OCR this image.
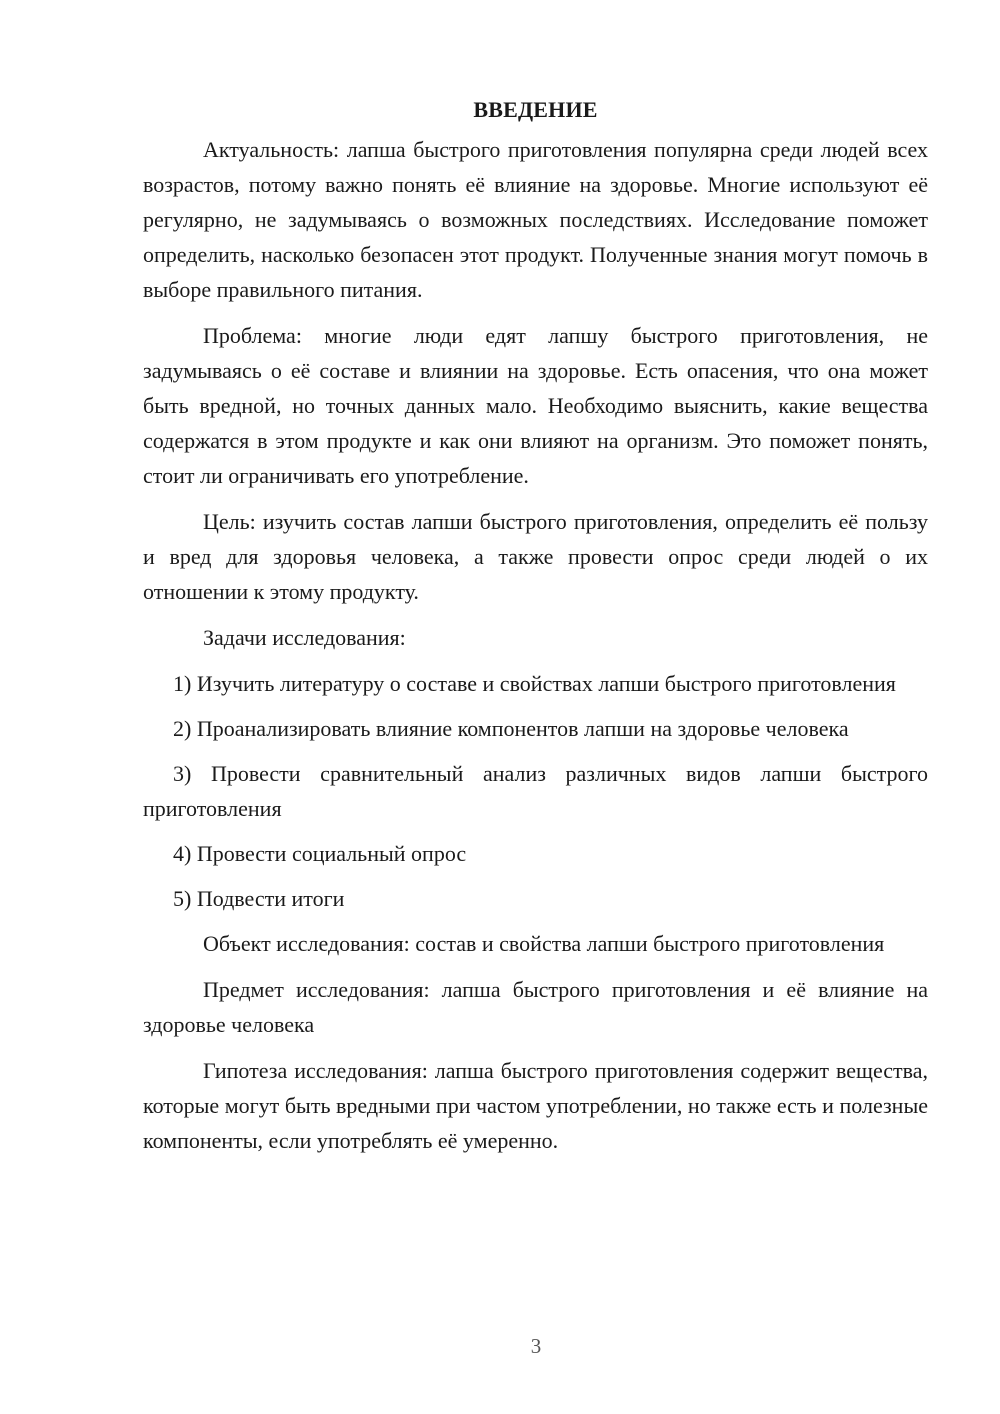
ВВЕДЕНИЕ

Актуальность: лапша быстрого приготовления популярна среди людей всех возрастов, потому важно понять её влияние на здоровье. Многие используют её регулярно, не задумываясь о возможных последствиях. Исследование поможет определить, насколько безопасен этот продукт. Полученные знания могут помочь в выборе правильного питания.

Проблема: многие люди едят лапшу быстрого приготовления, не задумываясь о её составе и влиянии на здоровье. Есть опасения, что она может быть вредной, но точных данных мало. Необходимо выяснить, какие вещества содержатся в этом продукте и как они влияют на организм. Это поможет понять, стоит ли ограничивать его употребление.

Цель: изучить состав лапши быстрого приготовления, определить её пользу и вред для здоровья человека, а также провести опрос среди людей о их отношении к этому продукту.

Задачи исследования:

1) Изучить литературу о составе и свойствах лапши быстрого приготовления

2) Проанализировать влияние компонентов лапши на здоровье человека

3) Провести сравнительный анализ различных видов лапши быстрого приготовления

4) Провести социальный опрос

5) Подвести итоги

Объект исследования: состав и свойства лапши быстрого приготовления

Предмет исследования: лапша быстрого приготовления и её влияние на здоровье человека

Гипотеза исследования: лапша быстрого приготовления содержит вещества, которые могут быть вредными при частом употреблении, но также есть и полезные компоненты, если употреблять её умеренно.

3
